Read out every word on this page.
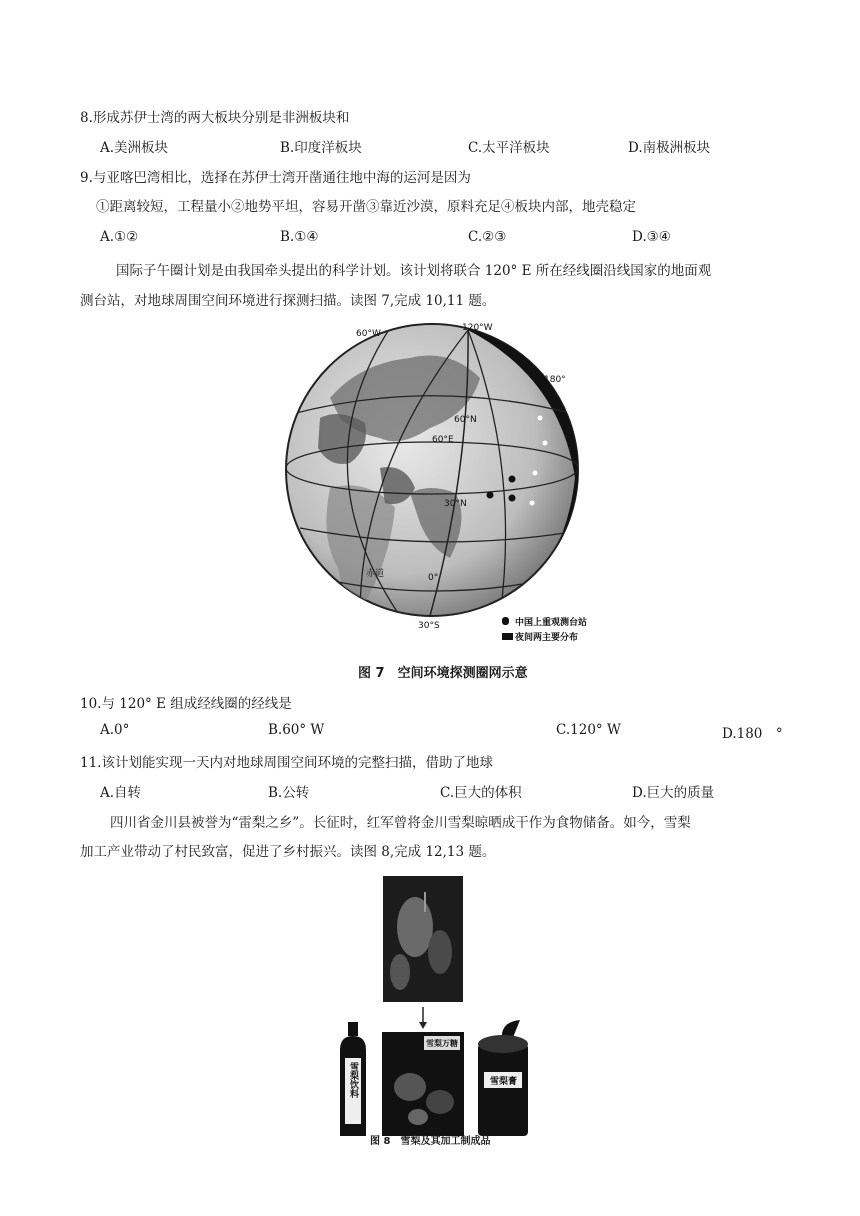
8.形成苏伊士湾的两大板块分别是非洲板块和
A.美洲板块	B.印度洋板块	C.太平洋板块	D.南极洲板块
9.与亚喀巴湾相比，选择在苏伊士湾开凿通往地中海的运河是因为
①距离较短，工程量小②地势平坦，容易开凿③靠近沙漠，原料充足④板块内部，地壳稳定
A.①②	B.①④	C.②③	D.③④
国际子午圈计划是由我国牵头提出的科学计划。该计划将联合 120° E 所在经线圈沿线国家的地面观
测台站，对地球周围空间环境进行探测扫描。读图 7,完成 10,11 题。
60°W
120°W
180°
60°N
60°E
30°N
赤道	0°
30°S	中国上重观测台站
夜间两主要分布
图 7　空间环境探测圈网示意
10.与 120° E 组成经线圈的经线是
A.0°	B.60° W	C.120° W	D.180　°
11.该计划能实现一天内对地球周围空间环境的完整扫描，借助了地球
A.自转	B.公转	C.巨大的体积	D.巨大的质量
四川省金川县被誉为“雷梨之乡”。长征时，红军曾将金川雪梨晾晒成干作为食物储备。如今，雪梨
加工产业带动了村民致富，促进了乡村振兴。读图 8,完成 12,13 题。
雪梨饮料
雪梨万糖
雪梨膏
图 8　雪梨及其加工制成品
